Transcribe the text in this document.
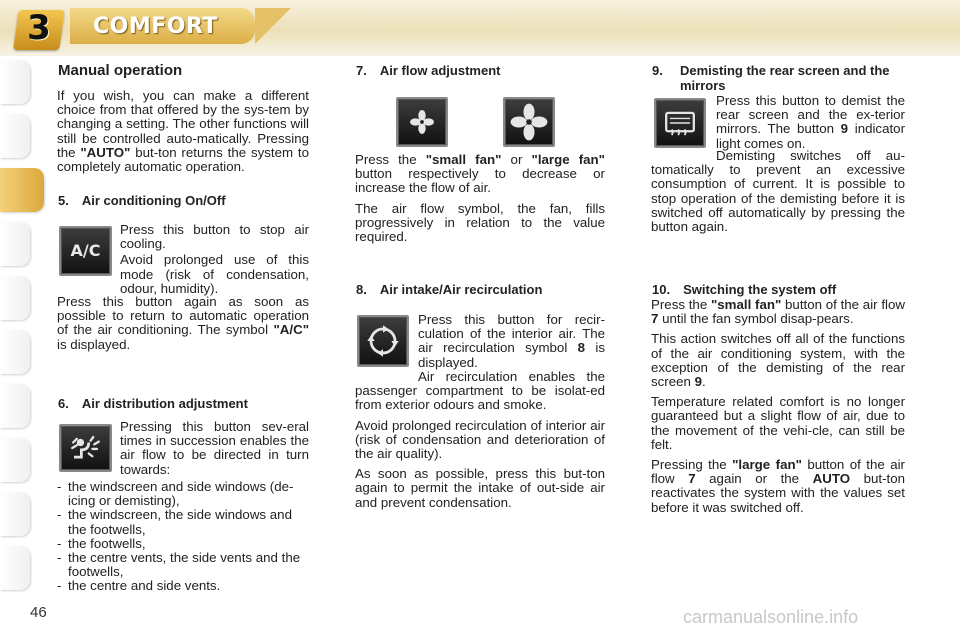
3	COMFORT
Manual operation

If you wish, you can make a different choice from that offered by the sys-tem by changing a setting. The other functions will still be controlled auto-matically. Pressing the "AUTO" but-ton returns the system to completely automatic operation.

5. Air conditioning On/Off
A/C

Press this button to stop air cooling.

Avoid prolonged use of this mode (risk of condensation, odour, humidity).

Press this button again as soon as possible to return to automatic operation of the air conditioning. The symbol "A/C" is displayed.

6. Air distribution adjustment

Pressing this button sev-eral times in succession enables the air flow to be directed in turn towards:

- the windscreen and side windows (de-icing or demisting),
- the windscreen, the side windows and the footwells,
- the footwells,
- the centre vents, the side vents and the footwells,
- the centre and side vents.
7. Air flow adjustment

Press the "small fan" or "large fan" button respectively to decrease or increase the flow of air.

The air flow symbol, the fan, fills progressively in relation to the value required.

8. Air intake/Air recirculation

Press this button for recir-culation of the interior air. The air recirculation symbol 8 is displayed.

Air recirculation enables the passenger compartment to be isolat-ed from exterior odours and smoke.

Avoid prolonged recirculation of interior air (risk of condensation and deterioration of the air quality).

As soon as possible, press this but-ton again to permit the intake of out-side air and prevent condensation.

9. Demisting the rear screen and the mirrors

Press this button to demist the rear screen and the ex-terior mirrors. The button 9 indicator light comes on.

Demisting switches off au-tomatically to prevent an excessive consumption of current. It is possible to stop operation of the demisting before it is switched off automatically by pressing the button again.

10. Switching the system off

Press the "small fan" button of the air flow 7 until the fan symbol disap-pears.

This action switches off all of the functions of the air conditioning system, with the exception of the demisting of the rear screen 9.

Temperature related comfort is no longer guaranteed but a slight flow of air, due to the movement of the vehi-cle, can still be felt.

Pressing the "large fan" button of the air flow 7 again or the AUTO but-ton reactivates the system with the values set before it was switched off.

46	carmanualsonline.info
